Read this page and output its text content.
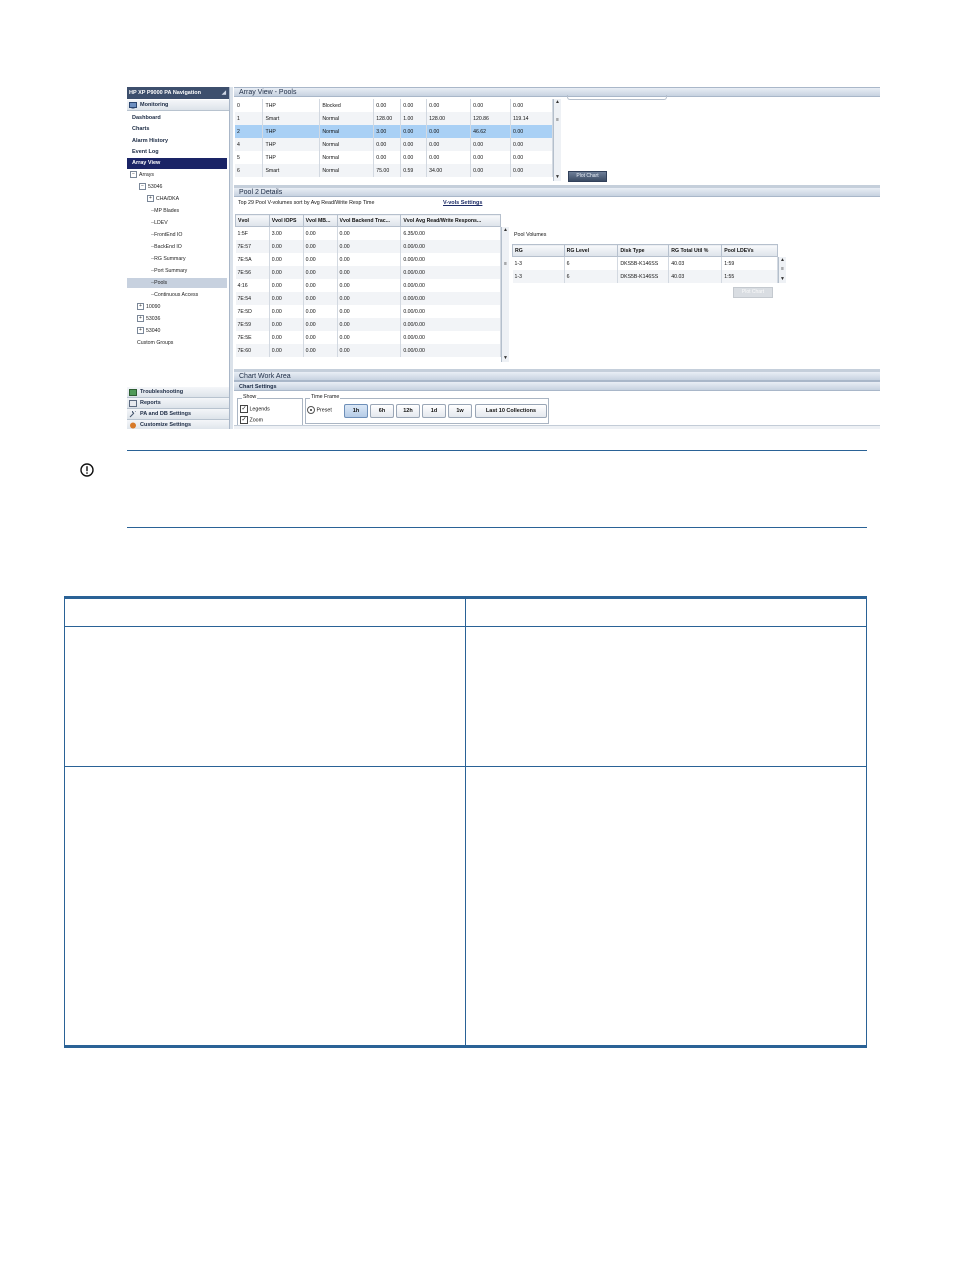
HP XP P9000 PA Navigation	◢
Monitoring
Dashboard
Charts
Alarm History
Event Log
Array View
− Arrays
− 53046
+ CHA/DKA
┄MP Blades
┄LDEV
┄FrontEnd IO
┄BackEnd IO
┄RG Summary
┄Port Summary
┄Pools
┄Continuous Access
+ 10090
+ 53036
+ 53040
Custom Groups
Troubleshooting
Reports
PA and DB Settings
Customize Settings
Array View - Pools
0	THP	Blocked	0.00	0.00	0.00	0.00	0.00
1	Smart	Normal	128.00	1.00	128.00	120.86	119.14
2	THP	Normal	3.00	0.00	0.00	46.62	0.00
4	THP	Normal	0.00	0.00	0.00	0.00	0.00
5	THP	Normal	0.00	0.00	0.00	0.00	0.00
6	Smart	Normal	75.00	0.59	34.00	0.00	0.00
▲
≡
▼	Plot Chart
Pool 2 Details
Top 29 Pool V-volumes sort by Avg Read/Write Resp Time	V-vols Settings
Vvol	Vvol IOPS	Vvol MB...	Vvol Backend Trac...	Vvol Avg Read/Write Respons...
1:5F	3.00	0.00	0.00	6.35/0.00
7E:57	0.00	0.00	0.00	0.00/0.00
7E:5A	0.00	0.00	0.00	0.00/0.00
7E:56	0.00	0.00	0.00	0.00/0.00
4:16	0.00	0.00	0.00	0.00/0.00
7E:54	0.00	0.00	0.00	0.00/0.00
7E:5D	0.00	0.00	0.00	0.00/0.00
7E:59	0.00	0.00	0.00	0.00/0.00
7E:5E	0.00	0.00	0.00	0.00/0.00
7E:60	0.00	0.00	0.00	0.00/0.00
▲
≡
▼
Pool Volumes
RG	RG Level	Disk Type	RG Total Util %	Pool LDEVs
1-3	6	DKS5B-K146SS	40.03	1:59
1-3	6	DKS5B-K146SS	40.03	1:55
▲
≡
▼
Plot Chart
Chart Work Area
Chart Settings
Show
✓ Legends
✓ Zoom
Time Frame
Preset	1h	6h	12h	1d	1w	Last 10 Collections
